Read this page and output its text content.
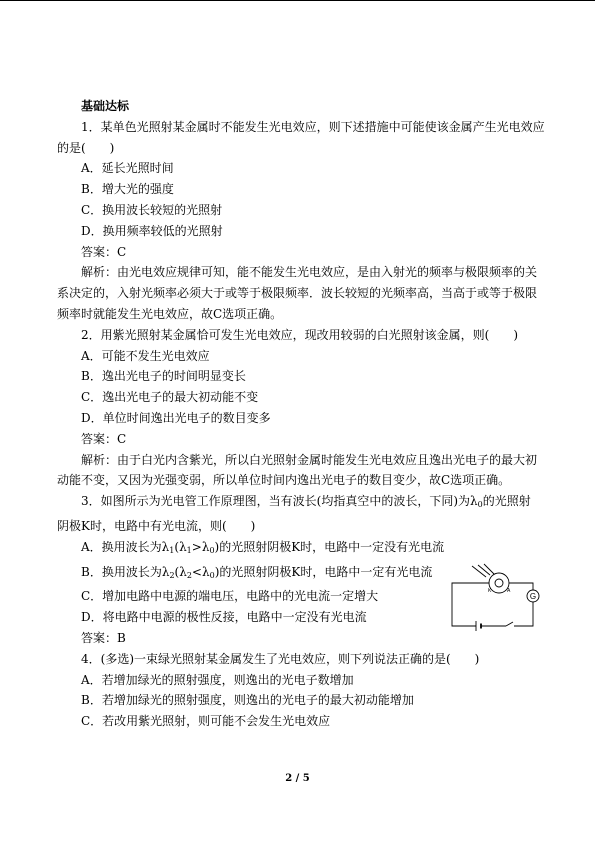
基础达标
1．某单色光照射某金属时不能发生光电效应，则下述措施中可能使该金属产生光电效应
的是(　　)
A．延长光照时间
B．增大光的强度
C．换用波长较短的光照射
D．换用频率较低的光照射
答案：C
解析：由光电效应规律可知，能不能发生光电效应，是由入射光的频率与极限频率的关
系决定的，入射光频率必须大于或等于极限频率．波长较短的光频率高，当高于或等于极限
频率时就能发生光电效应，故C选项正确。
2．用紫光照射某金属恰可发生光电效应，现改用较弱的白光照射该金属，则(　　)
A．可能不发生光电效应
B．逸出光电子的时间明显变长
C．逸出光电子的最大初动能不变
D．单位时间逸出光电子的数目变多
答案：C
解析：由于白光内含紫光，所以白光照射金属时能发生光电效应且逸出光电子的最大初
动能不变，又因为光强变弱，所以单位时间内逸出光电子的数目变少，故C选项正确。
3．如图所示为光电管工作原理图，当有波长(均指真空中的波长，下同)为$\lambda_0$的光照射
阴极K时，电路中有光电流，则(　　)
A．换用波长为$\lambda_1(\lambda_1>\lambda_0)$的光照射阴极K时，电路中一定没有光电流
B．换用波长为$\lambda_2(\lambda_2<\lambda_0)$的光照射阴极K时，电路中一定有光电流
C．增加电路中电源的端电压，电路中的光电流一定增大
D．将电路中电源的极性反接，电路中一定没有光电流
答案：B
4．(多选)一束绿光照射某金属发生了光电效应，则下列说法正确的是(　　)
A．若增加绿光的照射强度，则逸出的光电子数增加
B．若增加绿光的照射强度，则逸出的光电子的最大初动能增加
C．若改用紫光照射，则可能不会发生光电效应
G
K	A
2 / 5
